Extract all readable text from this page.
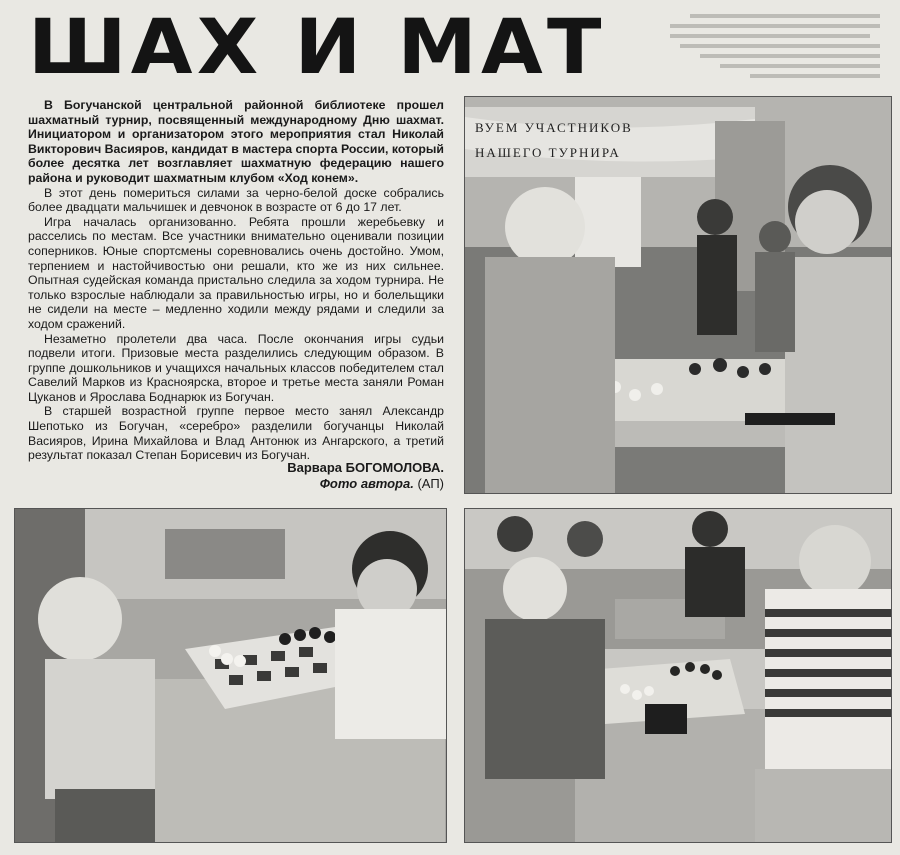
ШАХ И МАТ

В Богучанской центральной районной библиотеке прошел шахматный турнир, посвященный международному Дню шахмат. Инициатором и организатором этого мероприятия стал Николай Викторович Васияров, кандидат в мастера спорта России, который более десятка лет возглавляет шахматную федерацию нашего района и руководит шахматным клубом «Ход конем».

В этот день помериться силами за черно-белой доске собрались более двадцати мальчишек и девчонок в возрасте от 6 до 17 лет.

Игра началась организованно. Ребята прошли жеребьевку и расселись по местам. Все участники внимательно оценивали позиции соперников. Юные спортсмены соревновались очень достойно. Умом, терпением и настойчивостью они решали, кто же из них сильнее. Опытная судейская команда пристально следила за ходом турнира. Не только взрослые наблюдали за правильностью игры, но и болельщики не сидели на месте – медленно ходили между рядами и следили за ходом сражений.

Незаметно пролетели два часа. После окончания игры судьи подвели итоги. Призовые места разделились следующим образом. В группе дошкольников и учащихся начальных классов победителем стал Савелий Марков из Красноярска, второе и третье места заняли Роман Цуканов и Ярослава Боднарюк из Богучан.

В старшей возрастной группе первое место занял Александр Шепотько из Богучан, «серебро» разделили богучанцы Николай Васияров, Ирина Михайлова и Влад Антонюк из Ангарского, а третий результат показал Степан Борисевич из Богучан.

Варвара БОГОМОЛОВА.
Фото автора. (АП)
ВУЕМ УЧАСТНИКОВ
НАШЕГО ТУРНИРА
